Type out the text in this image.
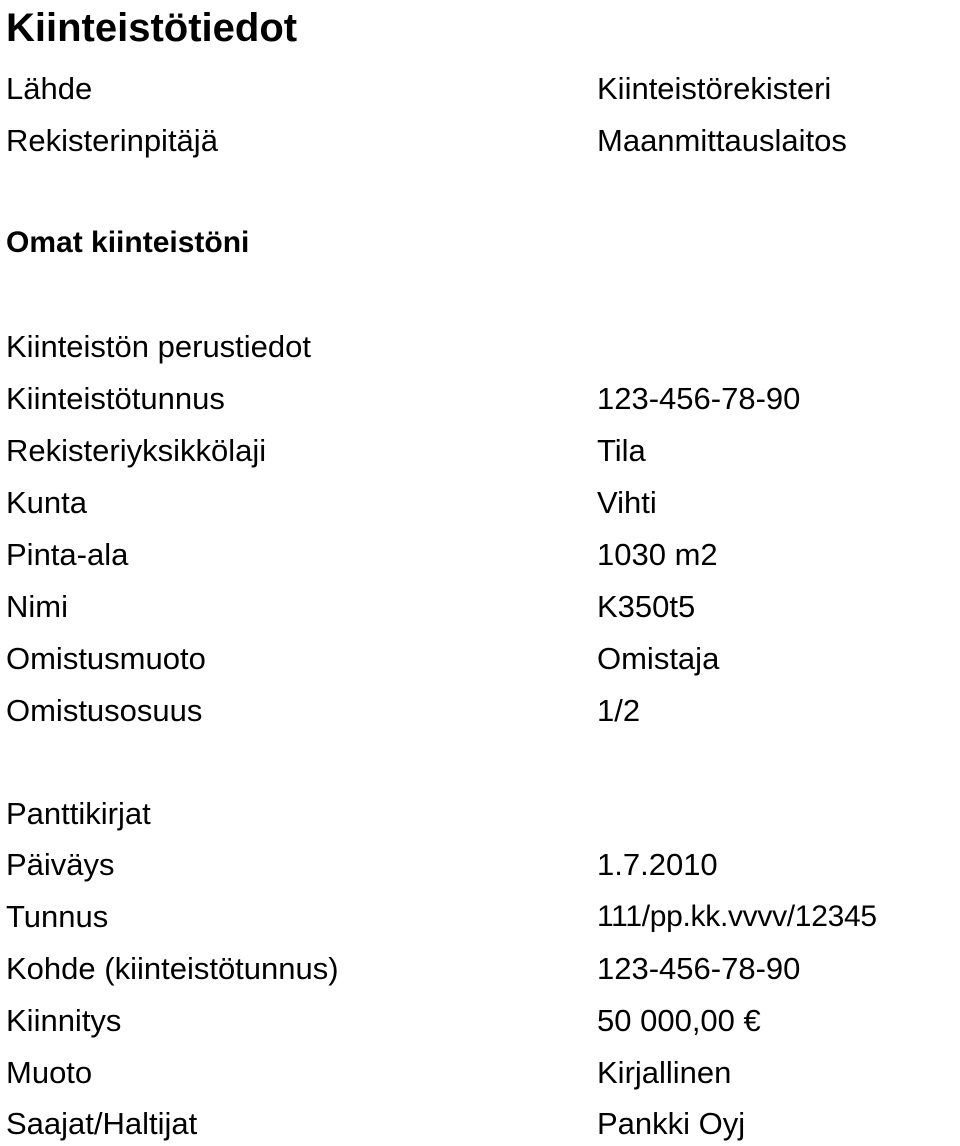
Kiinteistötiedot
Lähde	Kiinteistörekisteri
Rekisterinpitäjä	Maanmittauslaitos
Omat kiinteistöni
Kiinteistön perustiedot
Kiinteistötunnus	123-456-78-90
Rekisteriyksikkölaji	Tila
Kunta	Vihti
Pinta-ala	1030 m2
Nimi	K350t5
Omistusmuoto	Omistaja
Omistusosuus	1/2
Panttikirjat
Päiväys	1.7.2010
Tunnus	111/pp.kk.vvvv/12345
Kohde (kiinteistötunnus)	123-456-78-90
Kiinnitys	50 000,00 €
Muoto	Kirjallinen
Saajat/Haltijat	Pankki Oyj
